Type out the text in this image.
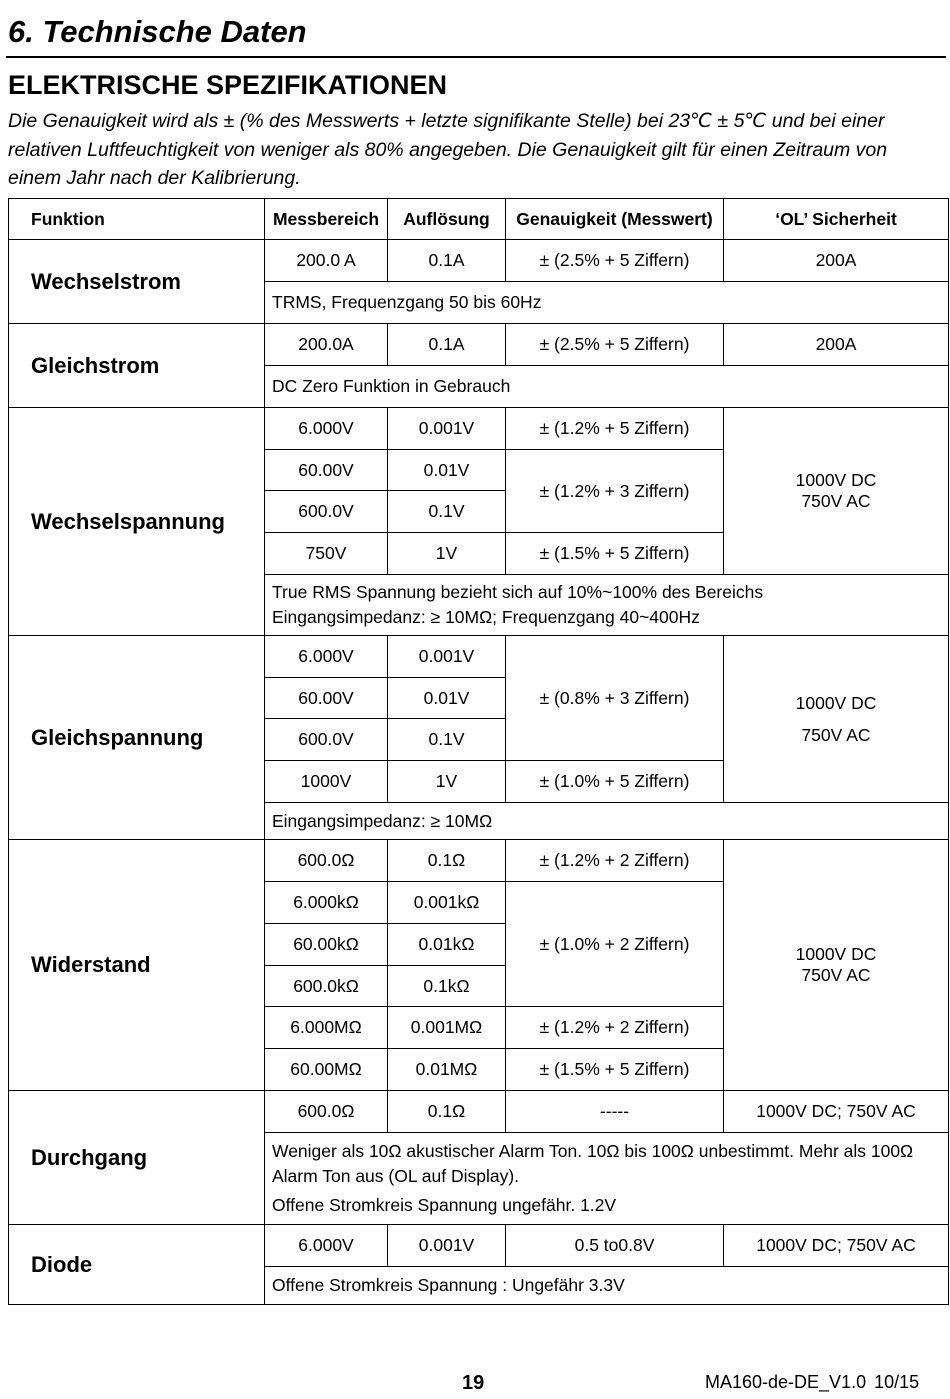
6. Technische Daten
ELEKTRISCHE SPEZIFIKATIONEN
Die Genauigkeit wird als ± (% des Messwerts + letzte signifikante Stelle) bei 23℃ ± 5℃ und bei einer relativen Luftfeuchtigkeit von weniger als 80% angegeben. Die Genauigkeit gilt für einen Zeitraum von einem Jahr nach der Kalibrierung.
Funktion	Messbereich	Auflösung	Genauigkeit (Messwert)	‘OL’ Sicherheit
Wechselstrom	200.0 A	0.1A	± (2.5% + 5 Ziffern)	200A
	TRMS, Frequenzgang 50 bis 60Hz			
Gleichstrom	200.0A	0.1A	± (2.5% + 5 Ziffern)	200A
	DC Zero Funktion in Gebrauch			
Wechselspannung	6.000V	0.001V	± (1.2% + 5 Ziffern)	1000V DC
750V AC

	60.00V	0.01V	± (1.2% + 3 Ziffern)	
	600.0V	0.1V		
	750V	1V	± (1.5% + 5 Ziffern)	

	True RMS Spannung bezieht sich auf 10%~100% des Bereichs
Eingangsimpedanz: ≥ 10MΩ; Frequenzgang 40~400Hz			

Gleichspannung	6.000V	0.001V	± (0.8% + 3 Ziffern)	1000V DC
750V AC

	60.00V	0.01V		
	600.0V	0.1V		
	1000V	1V	± (1.0% + 5 Ziffern)	
	Eingangsimpedanz: ≥ 10MΩ			
Widerstand	600.0Ω	0.1Ω	± (1.2% + 2 Ziffern)	1000V DC
750V AC

	6.000kΩ	0.001kΩ	± (1.0% + 2 Ziffern)	
	60.00kΩ	0.01kΩ		
	600.0kΩ	0.1kΩ		
	6.000MΩ	0.001MΩ	± (1.2% + 2 Ziffern)	
	60.00MΩ	0.01MΩ	± (1.5% + 5 Ziffern)	
Durchgang	600.0Ω	0.1Ω	-----	1000V DC; 750V AC

	Weniger als 10Ω akustischer Alarm Ton. 10Ω bis 100Ω unbestimmt. Mehr als 100Ω Alarm Ton aus (OL auf Display).
Offene Stromkreis Spannung ungefähr. 1.2V			

Diode	6.000V	0.001V	0.5 to0.8V	1000V DC; 750V AC
	Offene Stromkreis Spannung : Ungefähr 3.3V			
19	MA160-de-DE_V1.0 10/15
